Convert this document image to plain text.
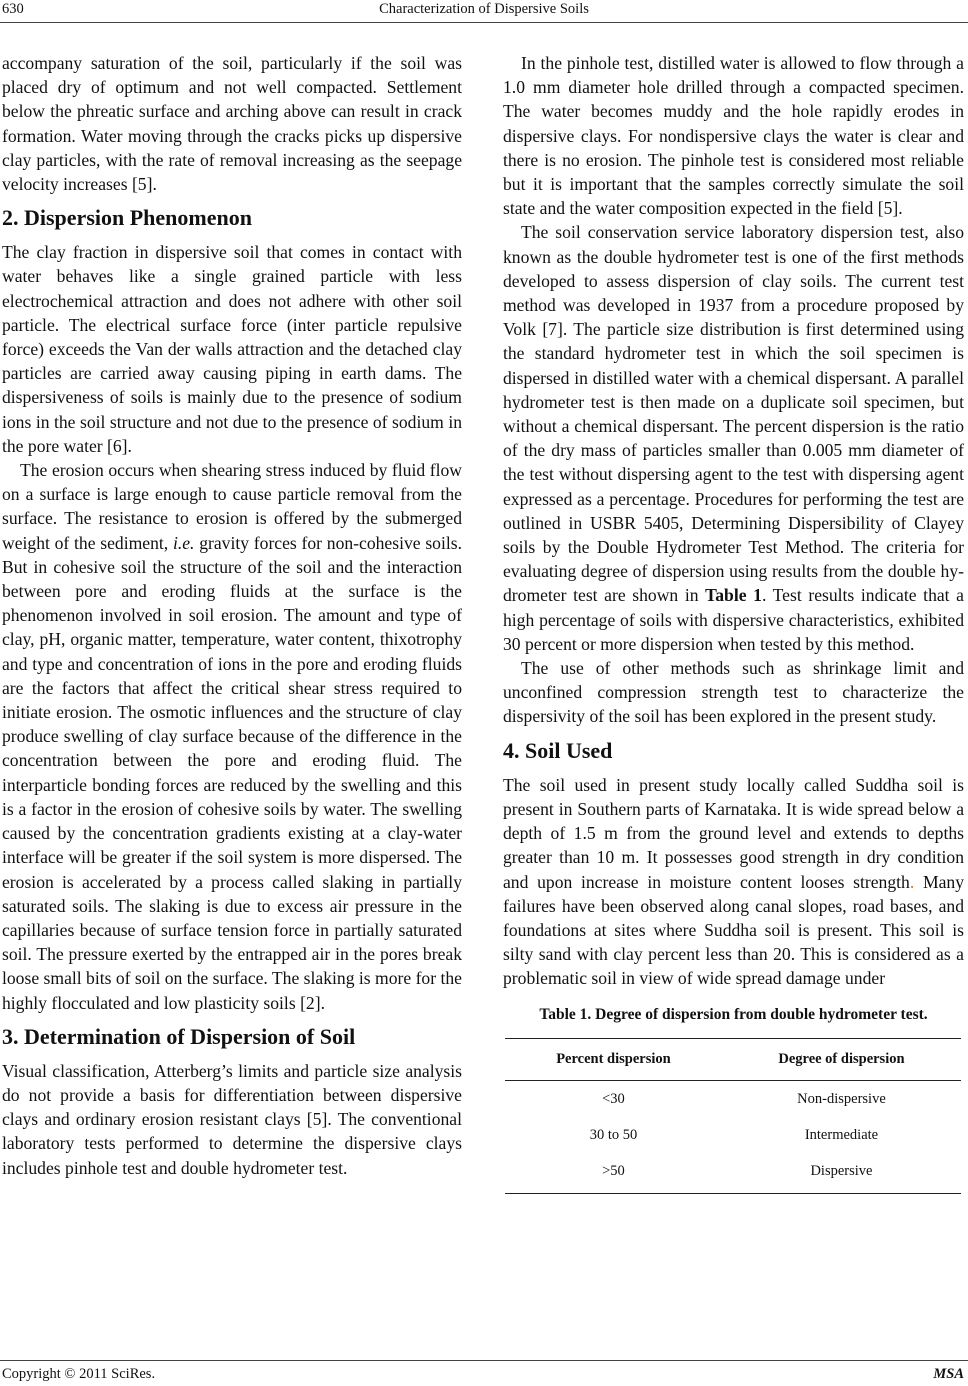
630	Characterization of Dispersive Soils

accompany saturation of the soil, particularly if the soil was placed dry of optimum and not well compacted. Settlement below the phreatic surface and arching above can result in crack formation. Water moving through the cracks picks up dispersive clay particles, with the rate of removal increasing as the seepage velocity increases [5].

2. Dispersion Phenomenon

The clay fraction in dispersive soil that comes in contact with water behaves like a single grained particle with less electrochemical attraction and does not adhere with other soil particle. The electrical surface force (inter particle repulsive force) exceeds the Van der walls attraction and the detached clay particles are carried away causing piping in earth dams. The dispersiveness of soils is mainly due to the presence of sodium ions in the soil structure and not due to the presence of sodium in the pore water [6].

The erosion occurs when shearing stress induced by fluid flow on a surface is large enough to cause particle removal from the surface. The resistance to erosion is offered by the submerged weight of the sediment, i.e. gravity forces for non-cohesive soils. But in cohesive soil the structure of the soil and the interaction between pore and eroding fluids at the surface is the phenomenon involved in soil erosion. The amount and type of clay, pH, organic matter, temperature, water content, thixotrophy and type and concentration of ions in the pore and eroding fluids are the factors that affect the critical shear stress required to initiate erosion. The osmotic influences and the structure of clay produce swelling of clay surface because of the difference in the concentration between the pore and eroding fluid. The interparticle bonding forces are reduced by the swelling and this is a factor in the erosion of cohesive soils by water. The swelling caused by the concentration gradients existing at a clay-water interface will be greater if the soil system is more dispersed. The erosion is accelerated by a process called slaking in partially saturated soils. The slaking is due to excess air pressure in the capillaries because of surface tension force in partially saturated soil. The pressure exerted by the entrapped air in the pores break loose small bits of soil on the surface. The slaking is more for the highly flocculated and low plasticity soils [2].

3. Determination of Dispersion of Soil

Visual classification, Atterberg’s limits and particle size analysis do not provide a basis for differentiation between dispersive clays and ordinary erosion resistant clays [5]. The conventional laboratory tests performed to determine the dispersive clays includes pinhole test and double hydrometer test.

In the pinhole test, distilled water is allowed to flow through a 1.0 mm diameter hole drilled through a compacted specimen. The water becomes muddy and the hole rapidly erodes in dispersive clays. For nondispersive clays the water is clear and there is no erosion. The pinhole test is considered most reliable but it is important that the samples correctly simulate the soil state and the water composition expected in the field [5].

The soil conservation service laboratory dispersion test, also known as the double hydrometer test is one of the first methods developed to assess dispersion of clay soils. The current test method was developed in 1937 from a procedure proposed by Volk [7]. The particle size distribution is first determined using the standard hydrometer test in which the soil specimen is dispersed in distilled water with a chemical dispersant. A parallel hydrometer test is then made on a duplicate soil specimen, but without a chemical dispersant. The percent dispersion is the ratio of the dry mass of particles smaller than 0.005 mm diameter of the test without dispersing agent to the test with dispersing agent expressed as a percentage. Procedures for performing the test are outlined in USBR 5405, Determining Dispersibility of Clayey soils by the Double Hydrometer Test Method. The criteria for evaluating degree of dispersion using results from the double hydrometer test are shown in Table 1. Test results indicate that a high percentage of soils with dispersive characteristics, exhibited 30 percent or more dispersion when tested by this method.

The use of other methods such as shrinkage limit and unconfined compression strength test to characterize the dispersivity of the soil has been explored in the present study.

4. Soil Used

The soil used in present study locally called Suddha soil is present in Southern parts of Karnataka. It is wide spread below a depth of 1.5 m from the ground level and extends to depths greater than 10 m. It possesses good strength in dry condition and upon increase in moisture content looses strength. Many failures have been observed along canal slopes, road bases, and foundations at sites where Suddha soil is present. This soil is silty sand with clay percent less than 20. This is considered as a problematic soil in view of wide spread damage under

Table 1. Degree of dispersion from double hydrometer test.
Percent dispersion	Degree of dispersion
<30	Non-dispersive
30 to 50	Intermediate
>50	Dispersive
Copyright © 2011 SciRes.	MSA
